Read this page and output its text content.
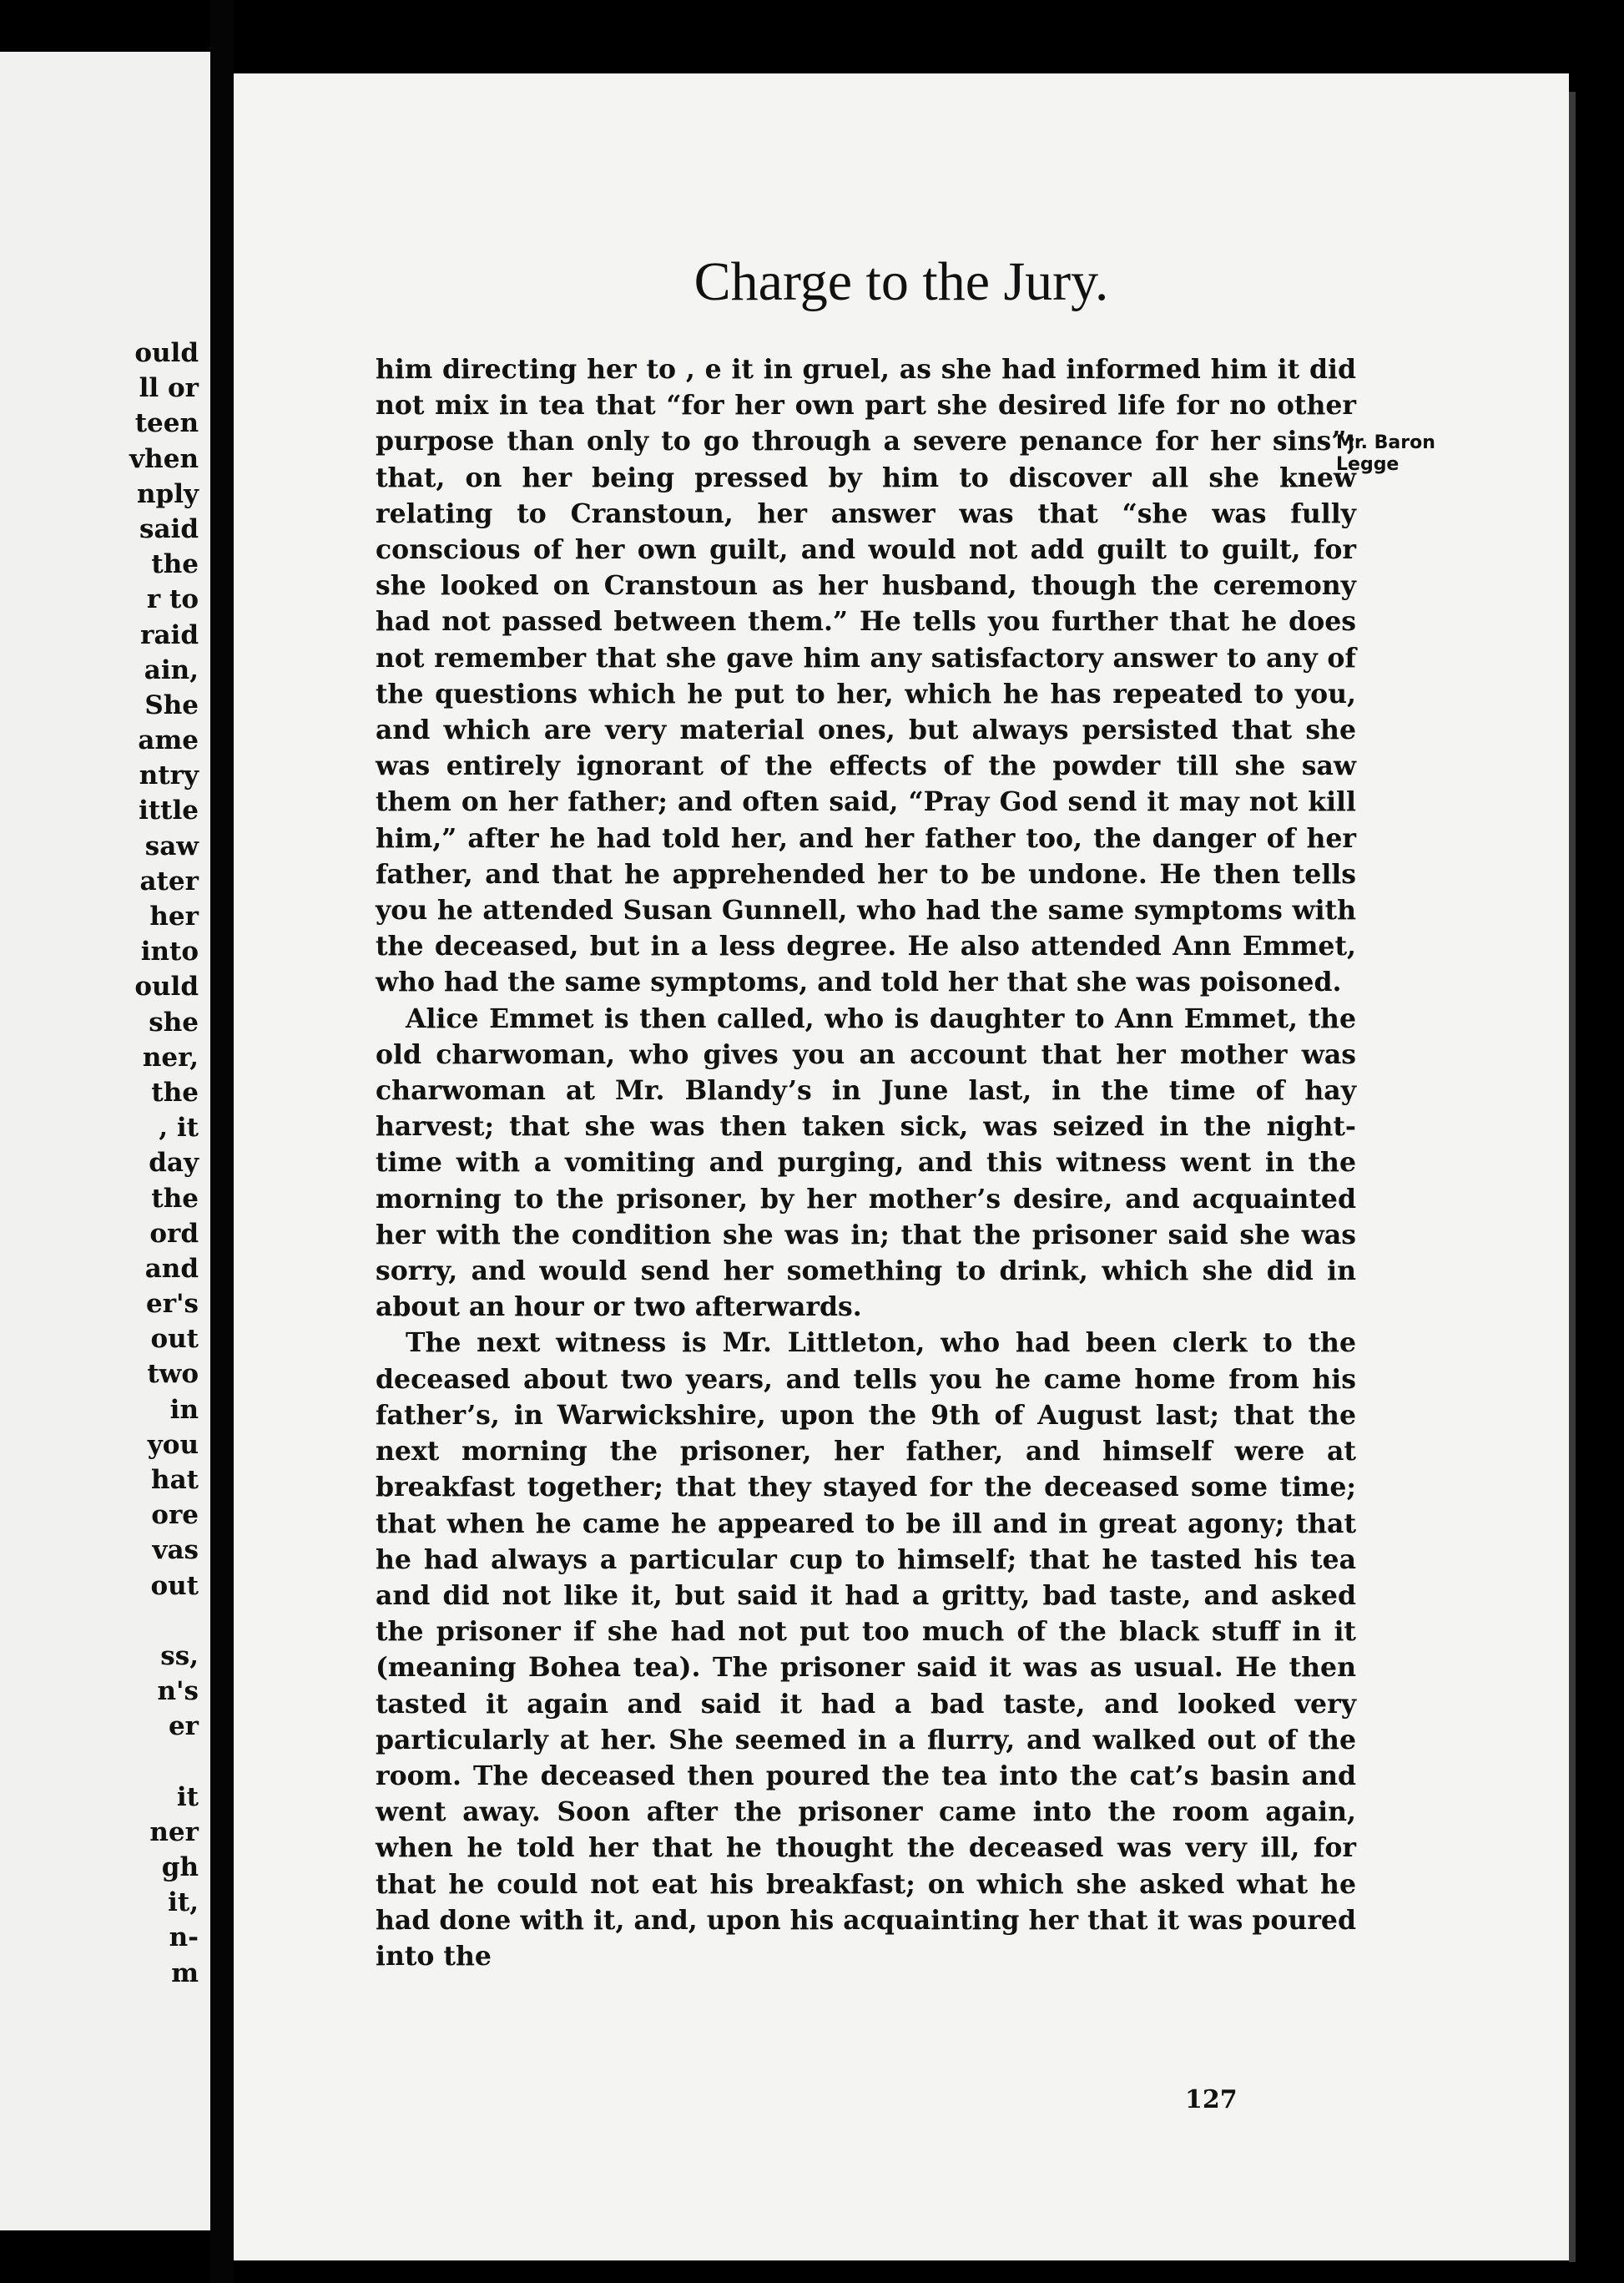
ould
ll or
teen
vhen
nply
said
the
r to
raid
ain,
She
ame
ntry
ittle
saw
ater
her
into
ould
she
ner,
the
, it
day
the
ord
and
er's
out
two
in
you
hat
ore
vas
out
ss,
n's
er
it
ner
gh
it,
n-
m
Charge to the Jury.
Mr. Baron Legge

him directing her to , e it in gruel, as she had informed him it did not mix in tea that “for her own part she desired life for no other purpose than only to go through a severe penance for her sins”; that, on her being pressed by him to discover all she knew relating to Cranstoun, her answer was that “she was fully conscious of her own guilt, and would not add guilt to guilt, for she looked on Cranstoun as her husband, though the ceremony had not passed between them.” He tells you further that he does not remember that she gave him any satisfactory answer to any of the questions which he put to her, which he has repeated to you, and which are very material ones, but always persisted that she was entirely ignorant of the effects of the powder till she saw them on her father; and often said, “Pray God send it may not kill him,” after he had told her, and her father too, the danger of her father, and that he apprehended her to be undone. He then tells you he attended Susan Gunnell, who had the same symptoms with the deceased, but in a less degree. He also attended Ann Emmet, who had the same symptoms, and told her that she was poisoned.

Alice Emmet is then called, who is daughter to Ann Emmet, the old charwoman, who gives you an account that her mother was charwoman at Mr. Blandy’s in June last, in the time of hay harvest; that she was then taken sick, was seized in the night-time with a vomiting and purging, and this witness went in the morning to the prisoner, by her mother’s desire, and acquainted her with the condition she was in; that the prisoner said she was sorry, and would send her something to drink, which she did in about an hour or two afterwards.

The next witness is Mr. Littleton, who had been clerk to the deceased about two years, and tells you he came home from his father’s, in Warwickshire, upon the 9th of August last; that the next morning the prisoner, her father, and himself were at breakfast together; that they stayed for the deceased some time; that when he came he appeared to be ill and in great agony; that he had always a particular cup to himself; that he tasted his tea and did not like it, but said it had a gritty, bad taste, and asked the prisoner if she had not put too much of the black stuff in it (meaning Bohea tea). The prisoner said it was as usual. He then tasted it again and said it had a bad taste, and looked very particularly at her. She seemed in a flurry, and walked out of the room. The deceased then poured the tea into the cat’s basin and went away. Soon after the prisoner came into the room again, when he told her that he thought the deceased was very ill, for that he could not eat his breakfast; on which she asked what he had done with it, and, upon his acquainting her that it was poured into the

127
